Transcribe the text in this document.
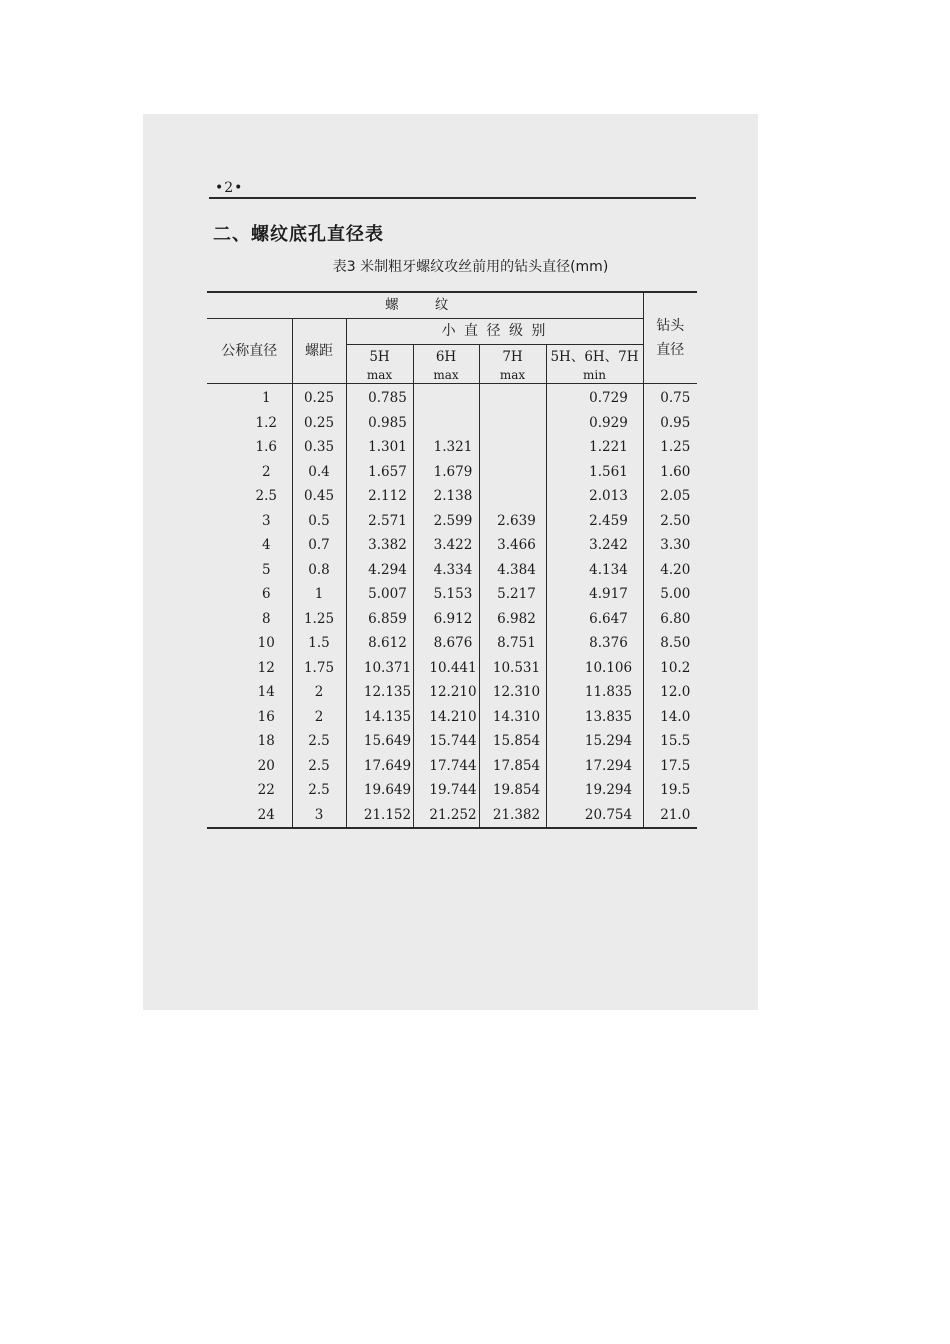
•2•
二、螺纹底孔直径表
表3 米制粗牙螺纹攻丝前用的钻头直径(mm)
螺 纹						钻头直径
公称直径	螺距	小 直 径 级 别				
		5H	6H	7H	5H、6H、7H	
		max	max	max	min	
1	0.25	0.785			0.729	0.75
1.2	0.25	0.985			0.929	0.95
1.6	0.35	1.301	1.321		1.221	1.25
2	0.4	1.657	1.679		1.561	1.60
2.5	0.45	2.112	2.138		2.013	2.05
3	0.5	2.571	2.599	2.639	2.459	2.50
4	0.7	3.382	3.422	3.466	3.242	3.30
5	0.8	4.294	4.334	4.384	4.134	4.20
6	1	5.007	5.153	5.217	4.917	5.00
8	1.25	6.859	6.912	6.982	6.647	6.80
10	1.5	8.612	8.676	8.751	8.376	8.50
12	1.75	10.371	10.441	10.531	10.106	10.2
14	2	12.135	12.210	12.310	11.835	12.0
16	2	14.135	14.210	14.310	13.835	14.0
18	2.5	15.649	15.744	15.854	15.294	15.5
20	2.5	17.649	17.744	17.854	17.294	17.5
22	2.5	19.649	19.744	19.854	19.294	19.5
24	3	21.152	21.252	21.382	20.754	21.0
